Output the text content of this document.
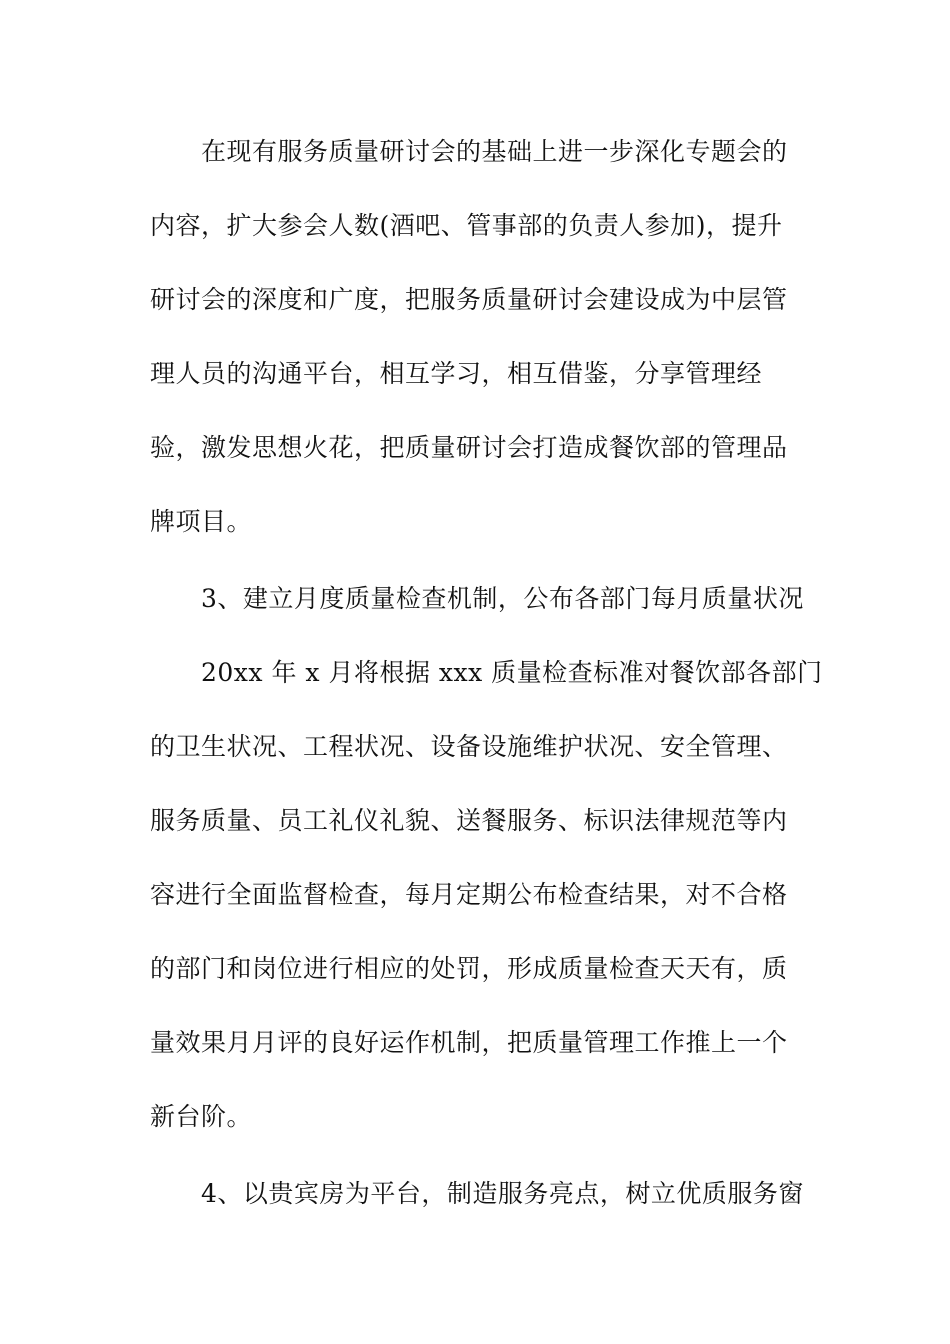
在现有服务质量研讨会的基础上进一步深化专题会的
内容，扩大参会人数(酒吧、管事部的负责人参加)，提升
研讨会的深度和广度，把服务质量研讨会建设成为中层管
理人员的沟通平台，相互学习，相互借鉴，分享管理经
验，激发思想火花，把质量研讨会打造成餐饮部的管理品
牌项目。
3、建立月度质量检查机制，公布各部门每月质量状况
20xx 年 x 月将根据 xxx 质量检查标准对餐饮部各部门
的卫生状况、工程状况、设备设施维护状况、安全管理、
服务质量、员工礼仪礼貌、送餐服务、标识法律规范等内
容进行全面监督检查，每月定期公布检查结果，对不合格
的部门和岗位进行相应的处罚，形成质量检查天天有，质
量效果月月评的良好运作机制，把质量管理工作推上一个
新台阶。
4、以贵宾房为平台，制造服务亮点，树立优质服务窗
